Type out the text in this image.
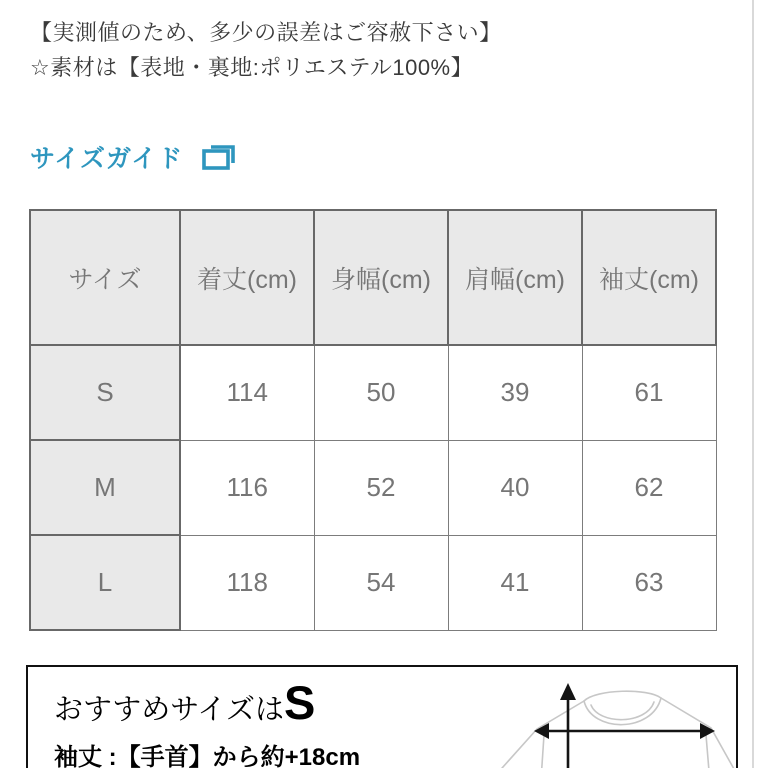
【実測値のため、多少の誤差はご容赦下さい】
☆素材は【表地・裏地:ポリエステル100%】
サイズガイド
サイズ	着丈(cm)	身幅(cm)	肩幅(cm)	袖丈(cm)
S	114	50	39	61
M	116	52	40	62
L	118	54	41	63
おすすめサイズはS
袖丈 :【手首】から約+18cm
